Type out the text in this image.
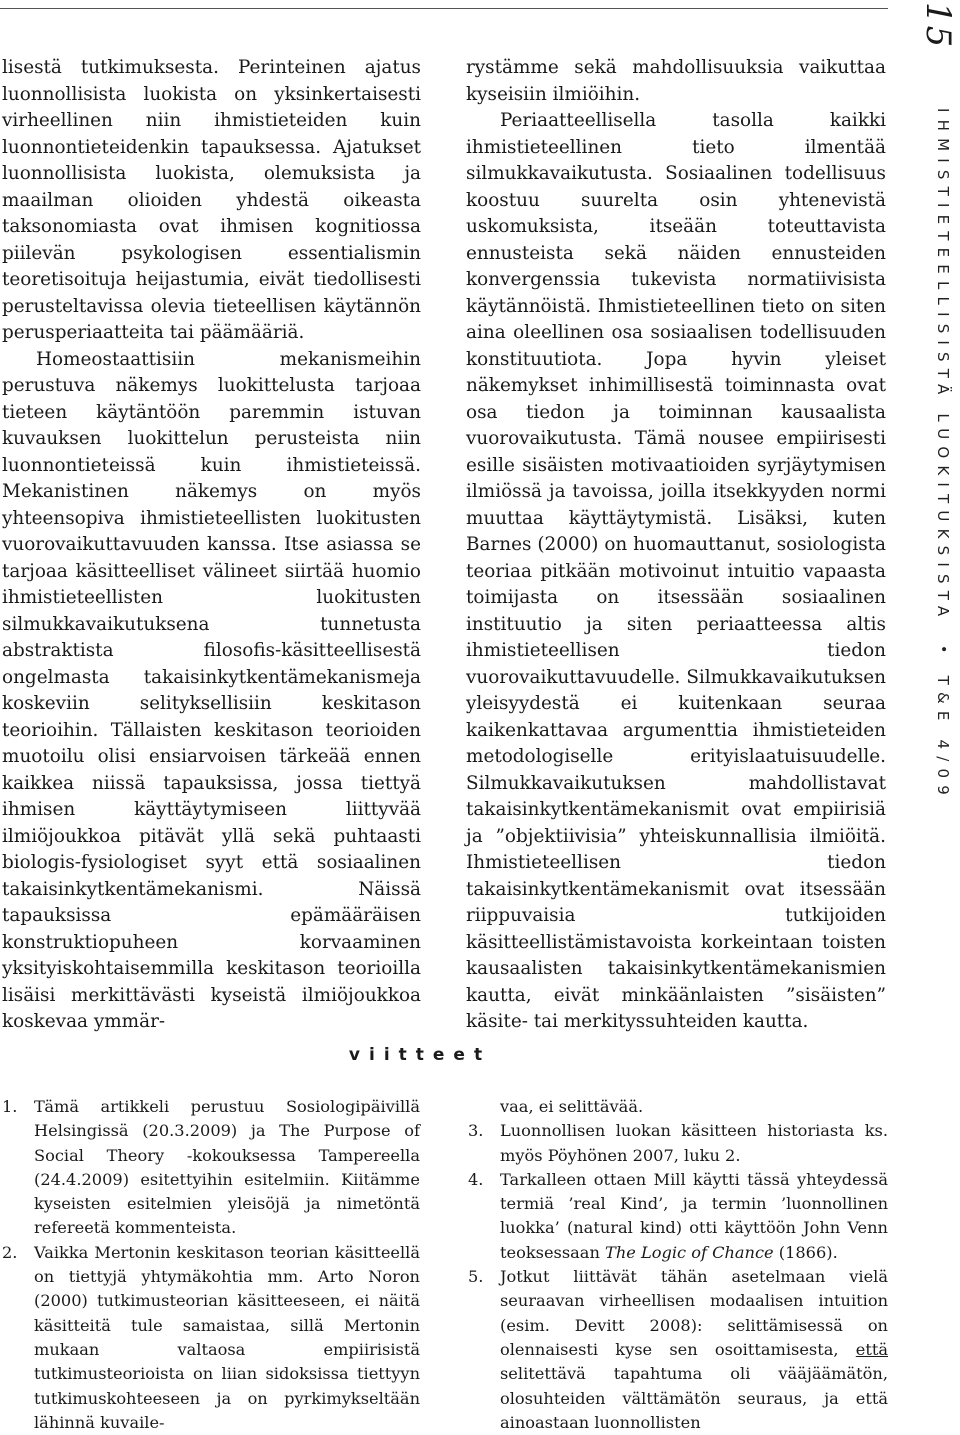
15
IHMISTIETEELLISISTÄ LUOKITUKSISTA • T&E 4/09

lisestä tutkimuksesta. Perinteinen ajatus luonnollisista luokista on yksinkertaisesti virheellinen niin ihmistieteiden kuin luonnontieteidenkin tapauksessa. Ajatukset luonnollisista luokista, olemuksista ja maailman olioiden yhdestä oikeasta taksonomiasta ovat ihmisen kognitiossa piilevän psykologisen essentialismin teoretisoituja heijastumia, eivät tiedollisesti perusteltavissa olevia tieteellisen käytännön perusperiaatteita tai päämääriä.

Homeostaattisiin mekanismeihin perustuva näkemys luokittelusta tarjoaa tieteen käytäntöön paremmin istuvan kuvauksen luokittelun perusteista niin luonnontieteissä kuin ihmistieteissä. Mekanistinen näkemys on myös yhteensopiva ihmistieteellisten luokitusten vuorovaikuttavuuden kanssa. Itse asiassa se tarjoaa käsitteelliset välineet siirtää huomio ihmistieteellisten luokitusten silmukkavaikutuksena tunnetusta abstraktista filosofis-käsitteellisestä ongelmasta takaisinkytkentämekanismeja koskeviin selityksellisiin keskitason teorioihin. Tällaisten keskitason teorioiden muotoilu olisi ensiarvoisen tärkeää ennen kaikkea niissä tapauksissa, jossa tiettyä ihmisen käyttäytymiseen liittyvää ilmiöjoukkoa pitävät yllä sekä puhtaasti biologis-fysiologiset syyt että sosiaalinen takaisinkytkentämekanismi. Näissä tapauksissa epämääräisen konstruktiopuheen korvaaminen yksityiskohtaisemmilla keskitason teorioilla lisäisi merkittävästi kyseistä ilmiöjoukkoa koskevaa ymmär-

rystämme sekä mahdollisuuksia vaikuttaa kyseisiin ilmiöihin.

Periaatteellisella tasolla kaikki ihmistieteellinen tieto ilmentää silmukkavaikutusta. Sosiaalinen todellisuus koostuu suurelta osin yhtenevistä uskomuksista, itseään toteuttavista ennusteista sekä näiden ennusteiden konvergenssia tukevista normatiivisista käytännöistä. Ihmistieteellinen tieto on siten aina oleellinen osa sosiaalisen todellisuuden konstituutiota. Jopa hyvin yleiset näkemykset inhimillisestä toiminnasta ovat osa tiedon ja toiminnan kausaalista vuorovaikutusta. Tämä nousee empiirisesti esille sisäisten motivaatioiden syrjäytymisen ilmiössä ja tavoissa, joilla itsekkyyden normi muuttaa käyttäytymistä. Lisäksi, kuten Barnes (2000) on huomauttanut, sosiologista teoriaa pitkään motivoinut intuitio vapaasta toimijasta on itsessään sosiaalinen instituutio ja siten periaatteessa altis ihmistieteellisen tiedon vuorovaikuttavuudelle. Silmukkavaikutuksen yleisyydestä ei kuitenkaan seuraa kaikenkattavaa argumenttia ihmistieteiden metodologiselle erityislaatuisuudelle. Silmukkavaikutuksen mahdollistavat takaisinkytkentämekanismit ovat empiirisiä ja ”objektiivisia” yhteiskunnallisia ilmiöitä. Ihmistieteellisen tiedon takaisinkytkentämekanismit ovat itsessään riippuvaisia tutkijoiden käsitteellistämistavoista korkeintaan toisten kausaalisten takaisinkytkentämekanismien kautta, eivät minkäänlaisten ”sisäisten” käsite- tai merkityssuhteiden kautta.

viitteet
1.	Tämä artikkeli perustuu Sosiologipäivillä Helsingissä (20.3.2009) ja The Purpose of Social Theory -kokouksessa Tampereella (24.4.2009) esitettyihin esitelmiin. Kiitämme kyseisten esitelmien yleisöjä ja nimetöntä refereetä kommenteista.
2.	Vaikka Mertonin keskitason teorian käsitteellä on tiettyjä yhtymäkohtia mm. Arto Noron (2000) tutkimusteorian käsitteeseen, ei näitä käsitteitä tule samaistaa, sillä Mertonin mukaan valtaosa empiirisistä tutkimusteorioista on liian sidoksissa tiettyyn tutkimuskohteeseen ja on pyrkimykseltään lähinnä kuvaile-
vaa, ei selittävää.
3.	Luonnollisen luokan käsitteen historiasta ks. myös Pöyhönen 2007, luku 2.
4.	Tarkalleen ottaen Mill käytti tässä yhteydessä termiä ’real Kind’, ja termin ’luonnollinen luokka’ (natural kind) otti käyttöön John Venn teoksessaan The Logic of Chance (1866).
5.	Jotkut liittävät tähän asetelmaan vielä seuraavan virheellisen modaalisen intuition (esim. Devitt 2008): selittämisessä on olennaisesti kyse sen osoittamisesta, että selitettävä tapahtuma oli vääjäämätön, olosuhteiden välttämätön seuraus, ja että ainoastaan luonnollisten
